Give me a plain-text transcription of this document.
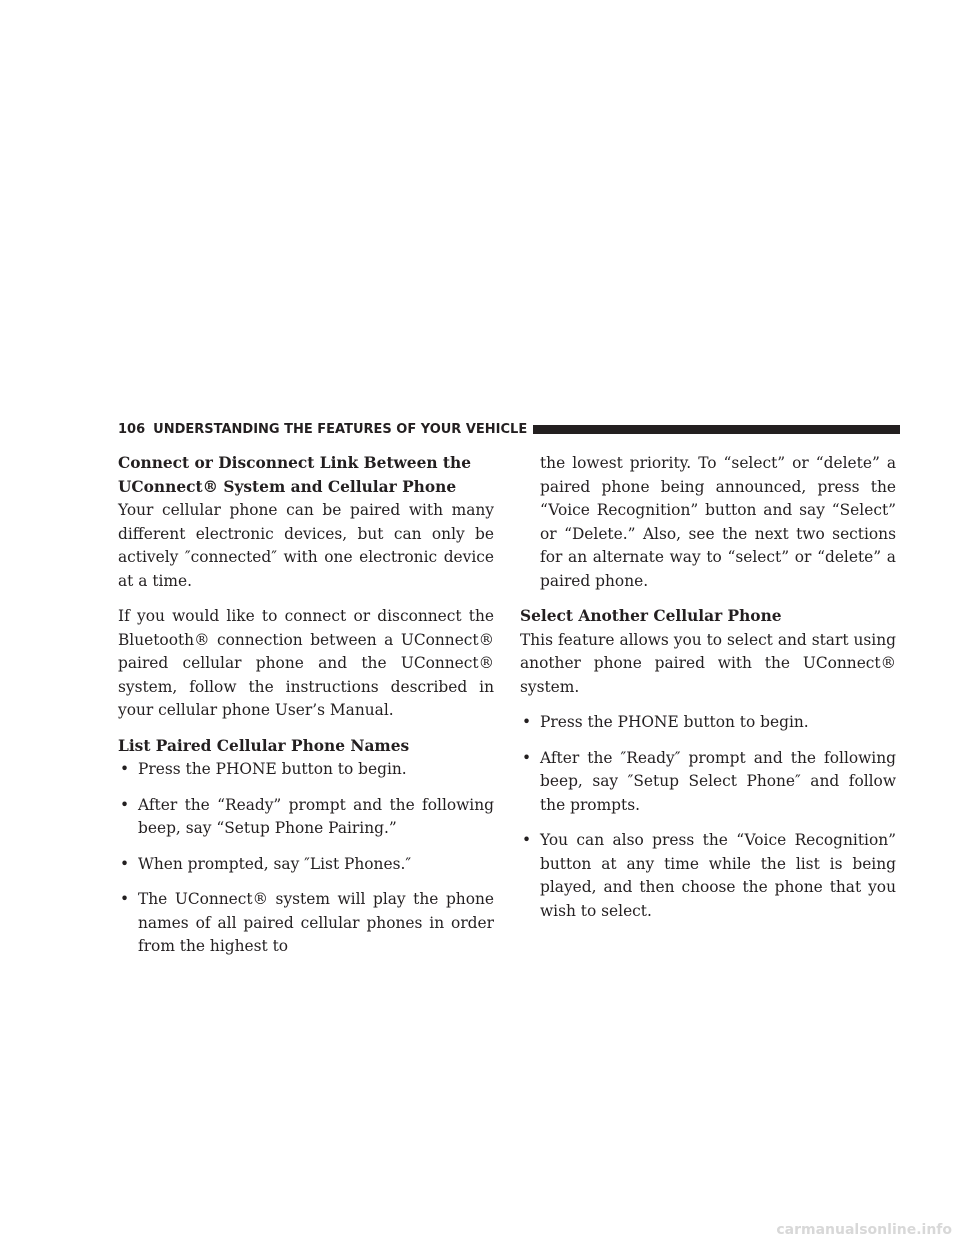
106 UNDERSTANDING THE FEATURES OF YOUR VEHICLE
Connect or Disconnect Link Between the UConnect® System and Cellular Phone

Your cellular phone can be paired with many different electronic devices, but can only be actively ″connected″ with one electronic device at a time.

If you would like to connect or disconnect the Bluetooth® connection between a UConnect® paired cellular phone and the UConnect® system, follow the instructions described in your cellular phone User’s Manual.

List Paired Cellular Phone Names
• Press the PHONE button to begin.
• After the “Ready” prompt and the following beep, say “Setup Phone Pairing.”
• When prompted, say ″List Phones.″
• The UConnect® system will play the phone names of all paired cellular phones in order from the highest to

the lowest priority. To “select” or “delete” a paired phone being announced, press the “Voice Recognition” button and say “Select” or “Delete.” Also, see the next two sections for an alternate way to “select” or “delete” a paired phone.

Select Another Cellular Phone

This feature allows you to select and start using another phone paired with the UConnect® system.

• Press the PHONE button to begin.
• After the ″Ready″ prompt and the following beep, say ″Setup Select Phone″ and follow the prompts.
• You can also press the “Voice Recognition” button at any time while the list is being played, and then choose the phone that you wish to select.
carmanualsonline.info
